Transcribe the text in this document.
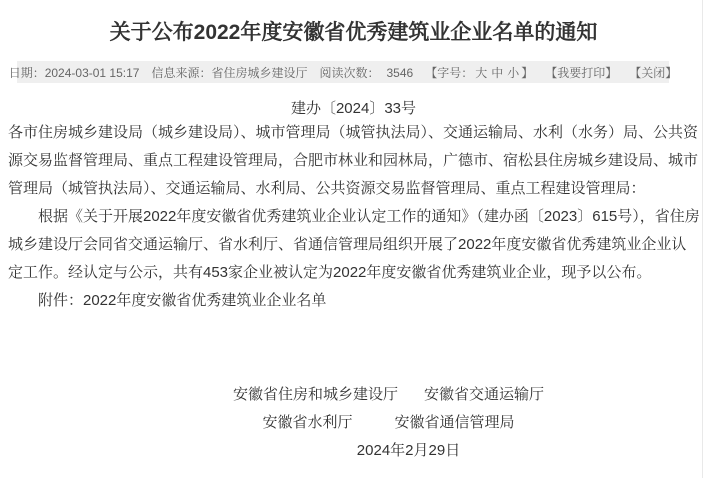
关于公布2022年度安徽省优秀建筑业企业名单的通知
日期：2024-03-01 15:17 信息来源：省住房城乡建设厅 阅读次数： 3546 【字号： 大 中 小 】 【我要打印】 【关闭】
建办〔2024〕33号

各市住房城乡建设局（城乡建设局）、城市管理局（城管执法局）、交通运输局、水利（水务）局、公共资源交易监督管理局、重点工程建设管理局，合肥市林业和园林局，广德市、宿松县住房城乡建设局、城市管理局（城管执法局）、交通运输局、水利局、公共资源交易监督管理局、重点工程建设管理局：

根据《关于开展2022年度安徽省优秀建筑业企业认定工作的通知》（建办函〔2023〕615号），省住房城乡建设厅会同省交通运输厅、省水利厅、省通信管理局组织开展了2022年度安徽省优秀建筑业企业认定工作。经认定与公示，共有453家企业被认定为2022年度安徽省优秀建筑业企业，现予以公布。

附件：2022年度安徽省优秀建筑业企业名单

安徽省住房和城乡建设厅 安徽省交通运输厅
安徽省水利厅	安徽省通信管理局
2024年2月29日
